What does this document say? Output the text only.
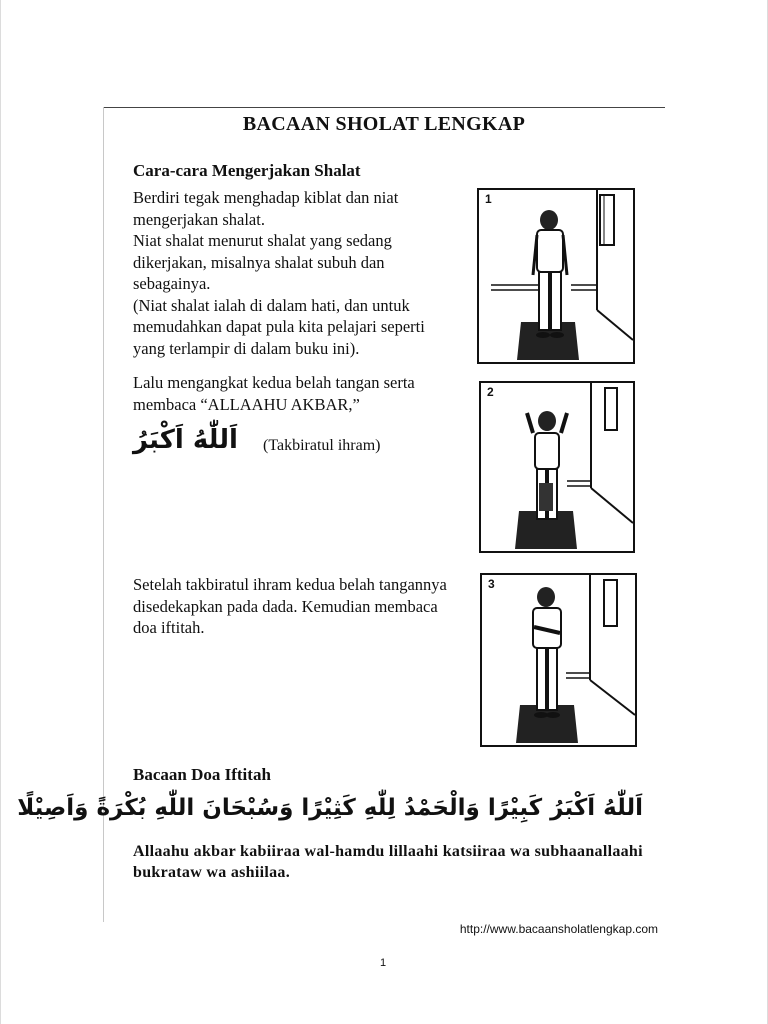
BACAAN SHOLAT LENGKAP
Cara-cara Mengerjakan Shalat

Berdiri tegak menghadap kiblat dan niat mengerjakan shalat.

Niat shalat menurut shalat yang sedang dikerjakan, misalnya shalat subuh dan sebagainya.

(Niat shalat ialah di dalam hati, dan untuk memudahkan dapat pula kita pelajari seperti yang terlampir di dalam buku ini).

Lalu mengangkat kedua belah tangan serta membaca “ALLAAHU AKBAR,”

اَللّٰهُ اَكْبَرُ (Takbiratul ihram)

Setelah takbiratul ihram kedua belah tangannya disedekapkan pada dada. Kemudian membaca doa iftitah.

Bacaan Doa Iftitah
اَللّٰهُ اَكْبَرُ كَبِيْرًا وَالْحَمْدُ لِلّٰهِ كَثِيْرًا وَسُبْحَانَ اللّٰهِ بُكْرَةً وَاَصِيْلًا
Allaahu akbar kabiiraa wal-hamdu lillaahi katsiiraa wa subhaanallaahi bukrataw wa ashiilaa.
1
2
3
http://www.bacaansholatlengkap.com
1
